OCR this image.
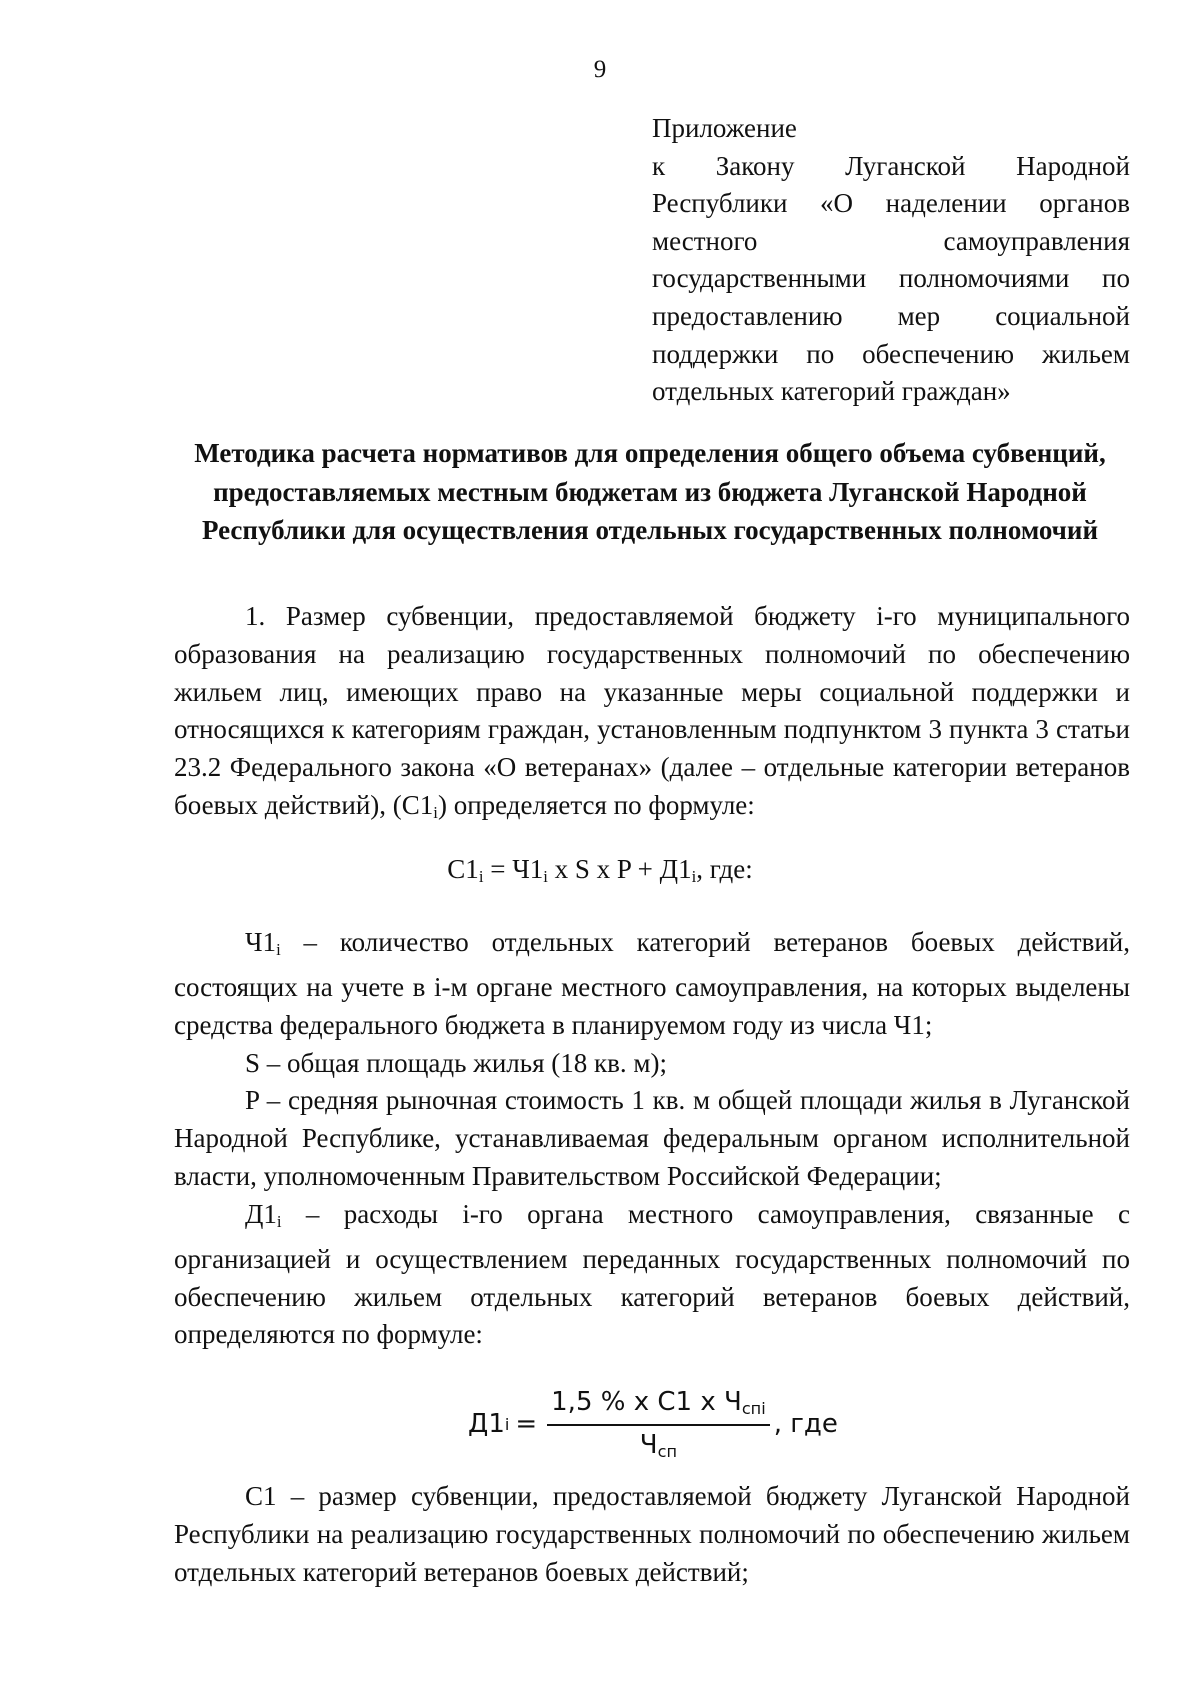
9
Приложение
к Закону Луганской Народной Республики «О наделении органов местного самоуправления государственными полномочиями по предоставлению мер социальной поддержки по обеспечению жильем отдельных категорий граждан»
Методика расчета нормативов для определения общего объема субвенций, предоставляемых местным бюджетам из бюджета Луганской Народной Республики для осуществления отдельных государственных полномочий

1. Размер субвенции, предоставляемой бюджету i-го муниципального образования на реализацию государственных полномочий по обеспечению жильем лиц, имеющих право на указанные меры социальной поддержки и относящихся к категориям граждан, установленным подпунктом 3 пункта 3 статьи 23.2 Федерального закона «О ветеранах» (далее – отдельные категории ветеранов боевых действий), $(С1_i)$ определяется по формуле:

$С1_i = Ч1_i$ x S x $P + Д1_i$, где:

$Ч1_i$ – количество отдельных категорий ветеранов боевых действий, состоящих на учете в i-м органе местного самоуправления, на которых выделены средства федерального бюджета в планируемом году из числа Ч1;

S – общая площадь жилья (18 кв. м);

P – средняя рыночная стоимость 1 кв. м общей площади жилья в Луганской Народной Республике, устанавливаемая федеральным органом исполнительной власти, уполномоченным Правительством Российской Федерации;

$Д1_i$ – расходы i-го органа местного самоуправления, связанные с организацией и осуществлением переданных государственных полномочий по обеспечению жильем отдельных категорий ветеранов боевых действий, определяются по формуле:

Д1 $i = \frac{1,5 \% x С1 x Ч_{спi}}{Ч_{сп}}$ , где

С1 – размер субвенции, предоставляемой бюджету Луганской Народной Республики на реализацию государственных полномочий по обеспечению жильем отдельных категорий ветеранов боевых действий;
